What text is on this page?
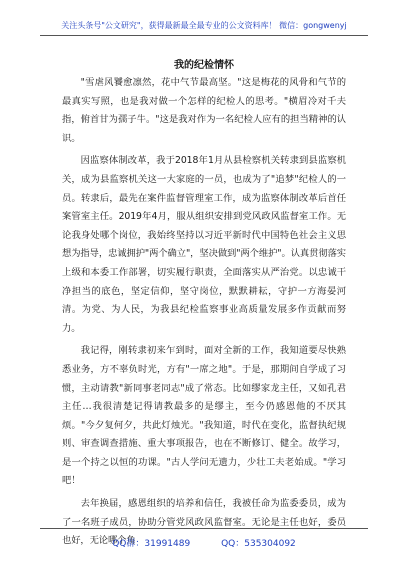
关注头条号"公文研究"，获得最新最全最专业的公文资料库！ 微信：gongwenyj
我的纪检情怀

"雪虐风饕愈凛然，花中气节最高坚。"这是梅花的风骨和气节的最真实写照，也是我对做一个怎样的纪检人的思考。"横眉冷对千夫指，俯首甘为孺子牛。"这是我对作为一名纪检人应有的担当精神的认识。

因监察体制改革，我于2018年1月从县检察机关转隶到县监察机关，成为县监察机关这一大家庭的一员，也成为了"追梦"纪检人的一员。转隶后，最先在案件监督管理室工作，成为监察体制改革后首任案管室主任。2019年4月，服从组织安排到党风政风监督室工作。无论我身处哪个岗位，我始终坚持以习近平新时代中国特色社会主义思想为指导，忠诚拥护"两个确立"，坚决做到"两个维护"。认真贯彻落实上级和本委工作部署，切实履行职责，全面落实从严治党。以忠诚干净担当的底色，坚定信仰，坚守岗位，默默耕耘，守护一方海晏河清。为党、为人民，为我县纪检监察事业高质量发展多作贡献而努力。

我记得，刚转隶初来乍到时，面对全新的工作，我知道要尽快熟悉业务，方不辜负时光，方有"一席之地"。于是，那期间自学成了习惯，主动请教"新同事老同志"成了常态。比如缪家龙主任，又如孔君主任…我很清楚记得请教最多的是缪主，至今仍感恩他的不厌其烦。"今夕复何夕，共此灯烛光。"我知道，时代在变化，监督执纪规则、审查调查措施、重大事项报告，也在不断修订、健全。故学习，是一个持之以恒的功课。"古人学问无遗力，少壮工夫老始成。"学习吧！

去年换届，感恩组织的培养和信任，我被任命为监委委员，成为了一名班子成员，协助分管党风政风监督室。无论是主任也好，委员也好，无论哪个角

QQ群：31991489	QQ：535304092
